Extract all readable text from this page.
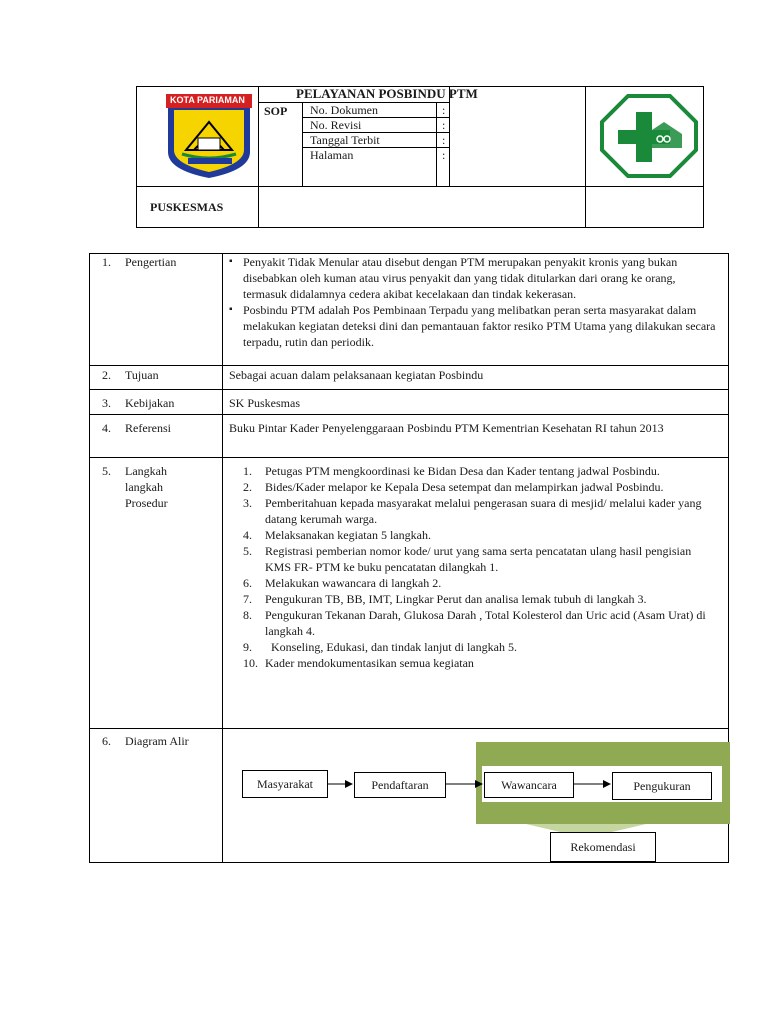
KOTA PARIAMAN	PELAYANAN POSBINDU PTM
SOP No. Dokumen	:
No. Revisi	:
Tanggal Terbit	:
Halaman	:
PUSKESMAS
1. Pengertian
▪	Penyakit Tidak Menular atau disebut dengan PTM merupakan penyakit kronis yang bukan disebabkan oleh kuman atau virus penyakit dan yang tidak ditularkan dari orang ke orang, termasuk didalamnya cedera akibat kecelakaan dan tindak kekerasan.
▪ Posbindu PTM adalah Pos Pembinaan Terpadu yang melibatkan peran serta masyarakat dalam melakukan kegiatan deteksi dini dan pemantauan faktor resiko PTM Utama yang dilakukan secara terpadu, rutin dan periodik.
2. Tujuan	Sebagai acuan dalam pelaksanaan kegiatan Posbindu
3. Kebijakan	SK Puskesmas
4. Referensi	Buku Pintar Kader Penyelenggaraan Posbindu PTM Kementrian Kesehatan RI tahun 2013
5. Langkah
langkah
Prosedur
1. Petugas PTM mengkoordinasi ke Bidan Desa dan Kader tentang jadwal Posbindu.
2. Bides/Kader melapor ke Kepala Desa setempat dan melampirkan jadwal Posbindu.
3. Pemberitahuan kepada masyarakat melalui pengerasan suara di mesjid/ melalui kader yang datang kerumah warga.
4. Melaksanakan kegiatan 5 langkah.
5. Registrasi pemberian nomor kode/ urut yang sama serta pencatatan ulang hasil pengisian KMS FR- PTM ke buku pencatatan dilangkah 1.
6. Melakukan wawancara di langkah 2.
7. Pengukuran TB, BB, IMT, Lingkar Perut dan analisa lemak tubuh di langkah 3.
8. Pengukuran Tekanan Darah, Glukosa Darah , Total Kolesterol dan Uric acid (Asam Urat) di langkah 4.
9. Konseling, Edukasi, dan tindak lanjut di langkah 5.
10. Kader mendokumentasikan semua kegiatan
6. Diagram Alir
Masyarakat	Pendaftaran	Wawancara	Pengukuran
Rekomendasi
